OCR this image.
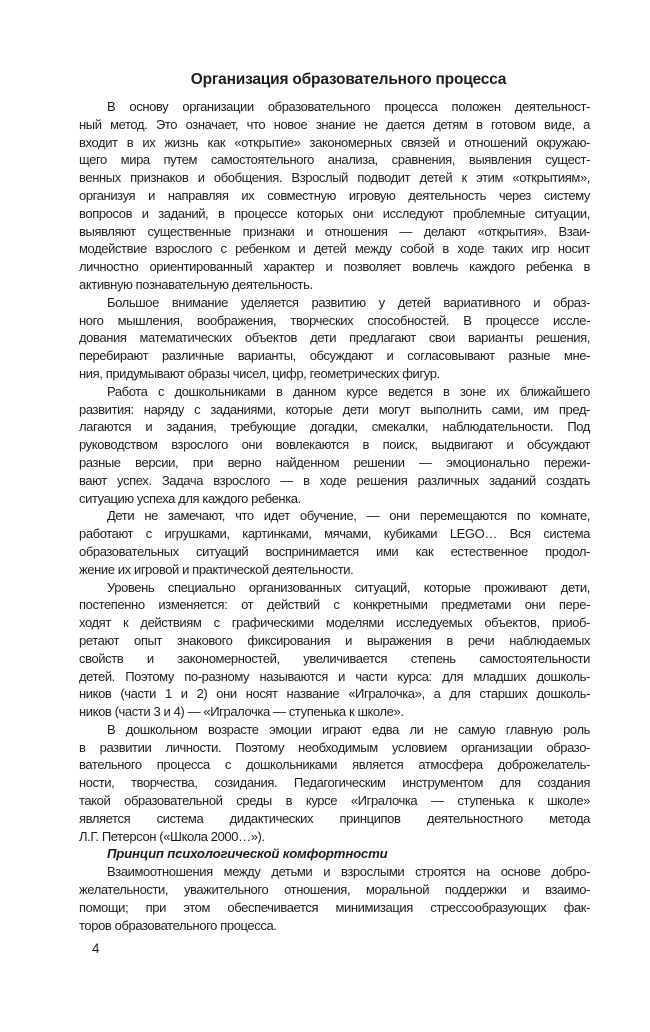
Организация образовательного процесса
В основу организации образовательного процесса положен деятельност-
ный метод. Это означает, что новое знание не дается детям в готовом виде, а
входит в их жизнь как «открытие» закономерных связей и отношений окружаю-
щего мира путем самостоятельного анализа, сравнения, выявления сущест-
венных признаков и обобщения. Взрослый подводит детей к этим «открытиям»,
организуя и направляя их совместную игровую деятельность через систему
вопросов и заданий, в процессе которых они исследуют проблемные ситуации,
выявляют существенные признаки и отношения — делают «открытия». Взаи-
модействие взрослого с ребенком и детей между собой в ходе таких игр носит
личностно ориентированный характер и позволяет вовлечь каждого ребенка в
активную познавательную деятельность.
Большое внимание уделяется развитию у детей вариативного и образ-
ного мышления, воображения, творческих способностей. В процессе иссле-
дования математических объектов дети предлагают свои варианты решения,
перебирают различные варианты, обсуждают и согласовывают разные мне-
ния, придумывают образы чисел, цифр, геометрических фигур.
Работа с дошкольниками в данном курсе ведется в зоне их ближайшего
развития: наряду с заданиями, которые дети могут выполнить сами, им пред-
лагаются и задания, требующие догадки, смекалки, наблюдательности. Под
руководством взрослого они вовлекаются в поиск, выдвигают и обсуждают
разные версии, при верно найденном решении — эмоционально пережи-
вают успех. Задача взрослого — в ходе решения различных заданий создать
ситуацию успеха для каждого ребенка.
Дети не замечают, что идет обучение, — они перемещаются по комнате,
работают с игрушками, картинками, мячами, кубиками LEGO… Вся система
образовательных ситуаций воспринимается ими как естественное продол-
жение их игровой и практической деятельности.
Уровень специально организованных ситуаций, которые проживают дети,
постепенно изменяется: от действий с конкретными предметами они пере-
ходят к действиям с графическими моделями исследуемых объектов, приоб-
ретают опыт знакового фиксирования и выражения в речи наблюдаемых
свойств и закономерностей, увеличивается степень самостоятельности
детей. Поэтому по-разному называются и части курса: для младших дошколь-
ников (части 1 и 2) они носят название «Игралочка», а для старших дошколь-
ников (части 3 и 4) — «Игралочка — ступенька к школе».
В дошкольном возрасте эмоции играют едва ли не самую главную роль
в развитии личности. Поэтому необходимым условием организации образо-
вательного процесса с дошкольниками является атмосфера доброжелатель-
ности, творчества, созидания. Педагогическим инструментом для создания
такой образовательной среды в курсе «Игралочка — ступенька к школе»
является система дидактических принципов деятельностного метода
Л.Г. Петерсон («Школа 2000…»).
Принцип психологической комфортности
Взаимоотношения между детьми и взрослыми строятся на основе добро-
желательности, уважительного отношения, моральной поддержки и взаимо-
помощи; при этом обеспечивается минимизация стрессообразующих фак-
торов образовательного процесса.
4
